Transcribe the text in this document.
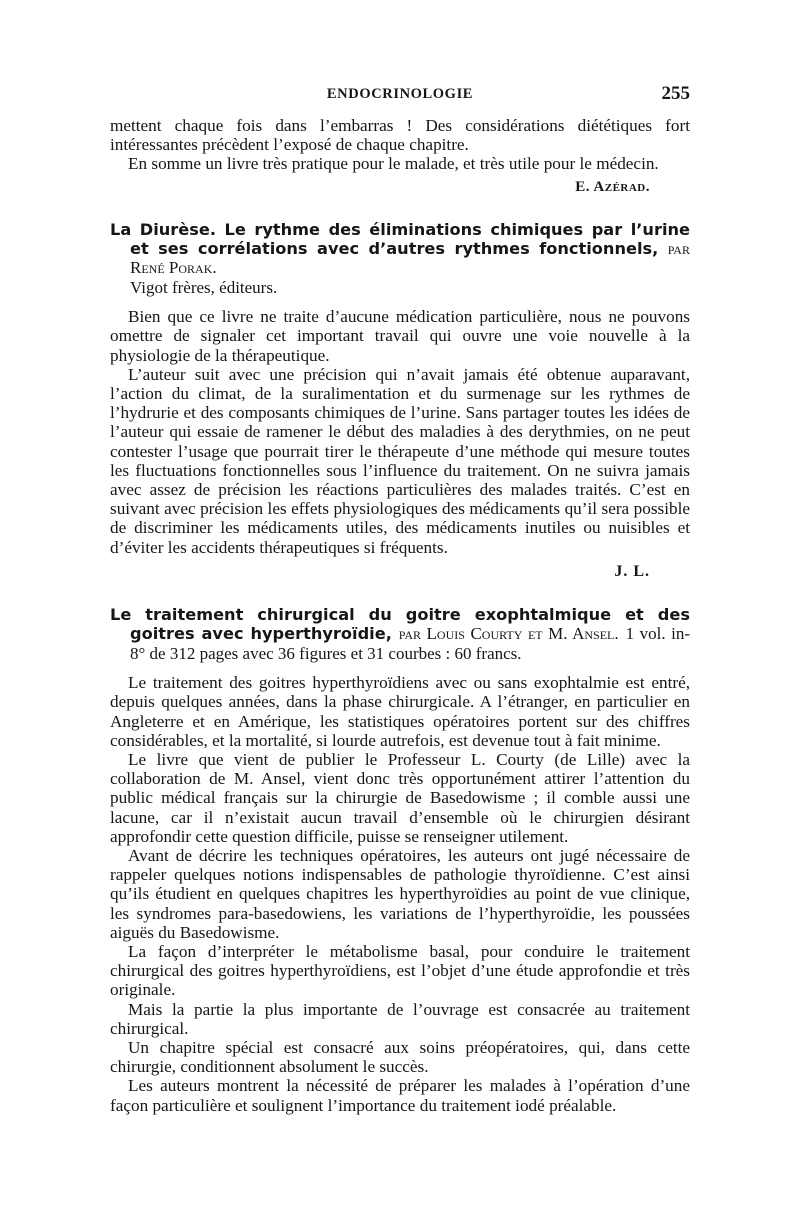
ENDOCRINOLOGIE	255

mettent chaque fois dans l’embarras ! Des considérations diététiques fort intéressantes précèdent l’exposé de chaque chapitre.

En somme un livre très pratique pour le malade, et très utile pour le médecin.

E. Azérad.
La Diurèse. Le rythme des éliminations chimiques par l’urine et ses corrélations avec d’autres rythmes fonctionnels, par René Porak.
Vigot frères, éditeurs.

Bien que ce livre ne traite d’aucune médication particulière, nous ne pouvons omettre de signaler cet important travail qui ouvre une voie nouvelle à la physiologie de la thérapeutique.

L’auteur suit avec une précision qui n’avait jamais été obtenue auparavant, l’action du climat, de la suralimentation et du surmenage sur les rythmes de l’hydrurie et des composants chimiques de l’urine. Sans partager toutes les idées de l’auteur qui essaie de ramener le début des maladies à des derythmies, on ne peut contester l’usage que pourrait tirer le thérapeute d’une méthode qui mesure toutes les fluctuations fonctionnelles sous l’influence du traitement. On ne suivra jamais avec assez de précision les réactions particulières des malades traités. C’est en suivant avec précision les effets physiologiques des médicaments qu’il sera possible de discriminer les médicaments utiles, des médicaments inutiles ou nuisibles et d’éviter les accidents thérapeutiques si fréquents.

J. L.
Le traitement chirurgical du goitre exophtalmique et des goitres avec hyperthyroïdie, par Louis Courty et M. Ansel. 1 vol. in-8° de 312 pages avec 36 figures et 31 courbes : 60 francs.

Le traitement des goitres hyperthyroïdiens avec ou sans exophtalmie est entré, depuis quelques années, dans la phase chirurgicale. A l’étranger, en particulier en Angleterre et en Amérique, les statistiques opératoires portent sur des chiffres considérables, et la mortalité, si lourde autrefois, est devenue tout à fait minime.

Le livre que vient de publier le Professeur L. Courty (de Lille) avec la collaboration de M. Ansel, vient donc très opportunément attirer l’attention du public médical français sur la chirurgie de Basedowisme ; il comble aussi une lacune, car il n’existait aucun travail d’ensemble où le chirurgien désirant approfondir cette question difficile, puisse se renseigner utilement.

Avant de décrire les techniques opératoires, les auteurs ont jugé nécessaire de rappeler quelques notions indispensables de pathologie thyroïdienne. C’est ainsi qu’ils étudient en quelques chapitres les hyperthyroïdies au point de vue clinique, les syndromes para-basedowiens, les variations de l’hyperthyroïdie, les poussées aiguës du Basedowisme.

La façon d’interpréter le métabolisme basal, pour conduire le traitement chirurgical des goitres hyperthyroïdiens, est l’objet d’une étude approfondie et très originale.

Mais la partie la plus importante de l’ouvrage est consacrée au traitement chirurgical.

Un chapitre spécial est consacré aux soins préopératoires, qui, dans cette chirurgie, conditionnent absolument le succès.

Les auteurs montrent la nécessité de préparer les malades à l’opération d’une façon particulière et soulignent l’importance du traitement iodé préalable.
